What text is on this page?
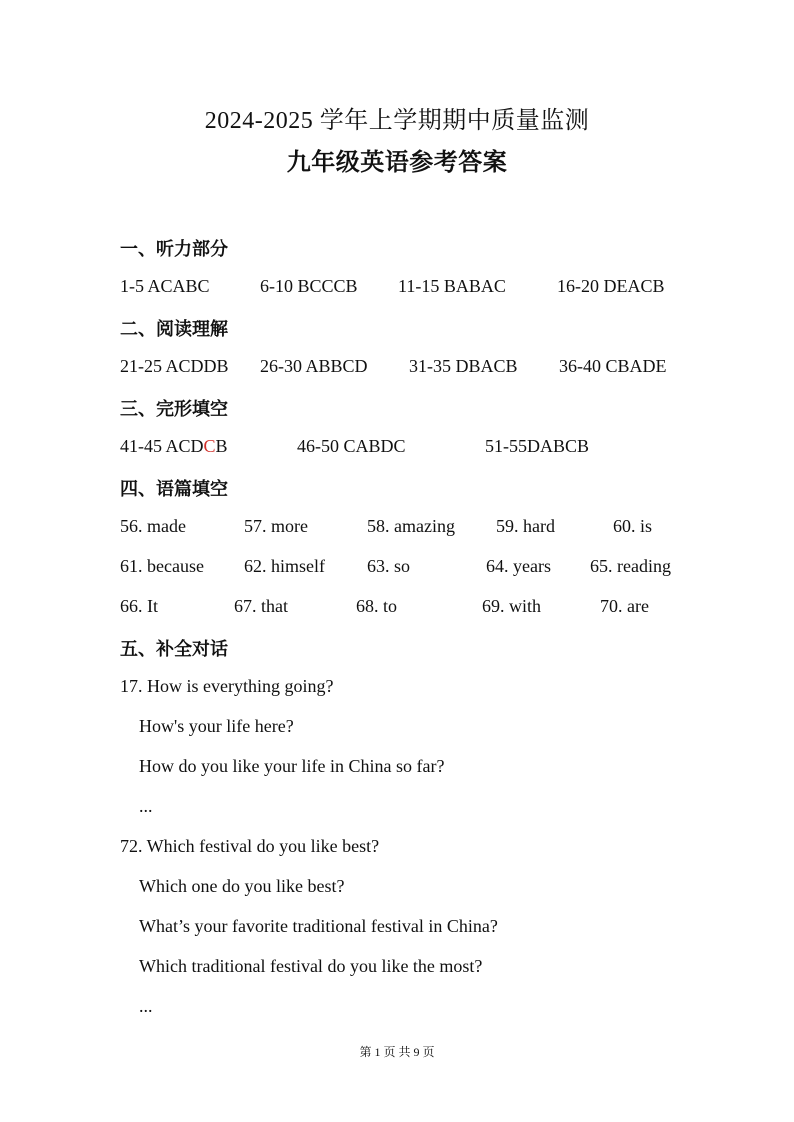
2024-2025 学年上学期期中质量监测
九年级英语参考答案
一、听力部分
1-5 ACABC	6-10 BCCCB 11-15 BABAC	16-20 DEACB
二、阅读理解
21-25 ACDDB 26-30 ABBCD 31-35 DBACB 36-40 CBADE
三、完形填空
41-45 ACDCB	46-50 CABDC	51-55DABCB
四、语篇填空
56. made	57. more	58. amazing 59. hard	60. is
61. because 62. himself 63. so	64. years 65. reading
66. It	67. that	68. to	69. with	70. are
五、补全对话
17. How is everything going?
How's your life here?
How do you like your life in China so far?
...
72. Which festival do you like best?
Which one do you like best?
What’s your favorite traditional festival in China?
Which traditional festival do you like the most?
...
第 1 页 共 9 页
